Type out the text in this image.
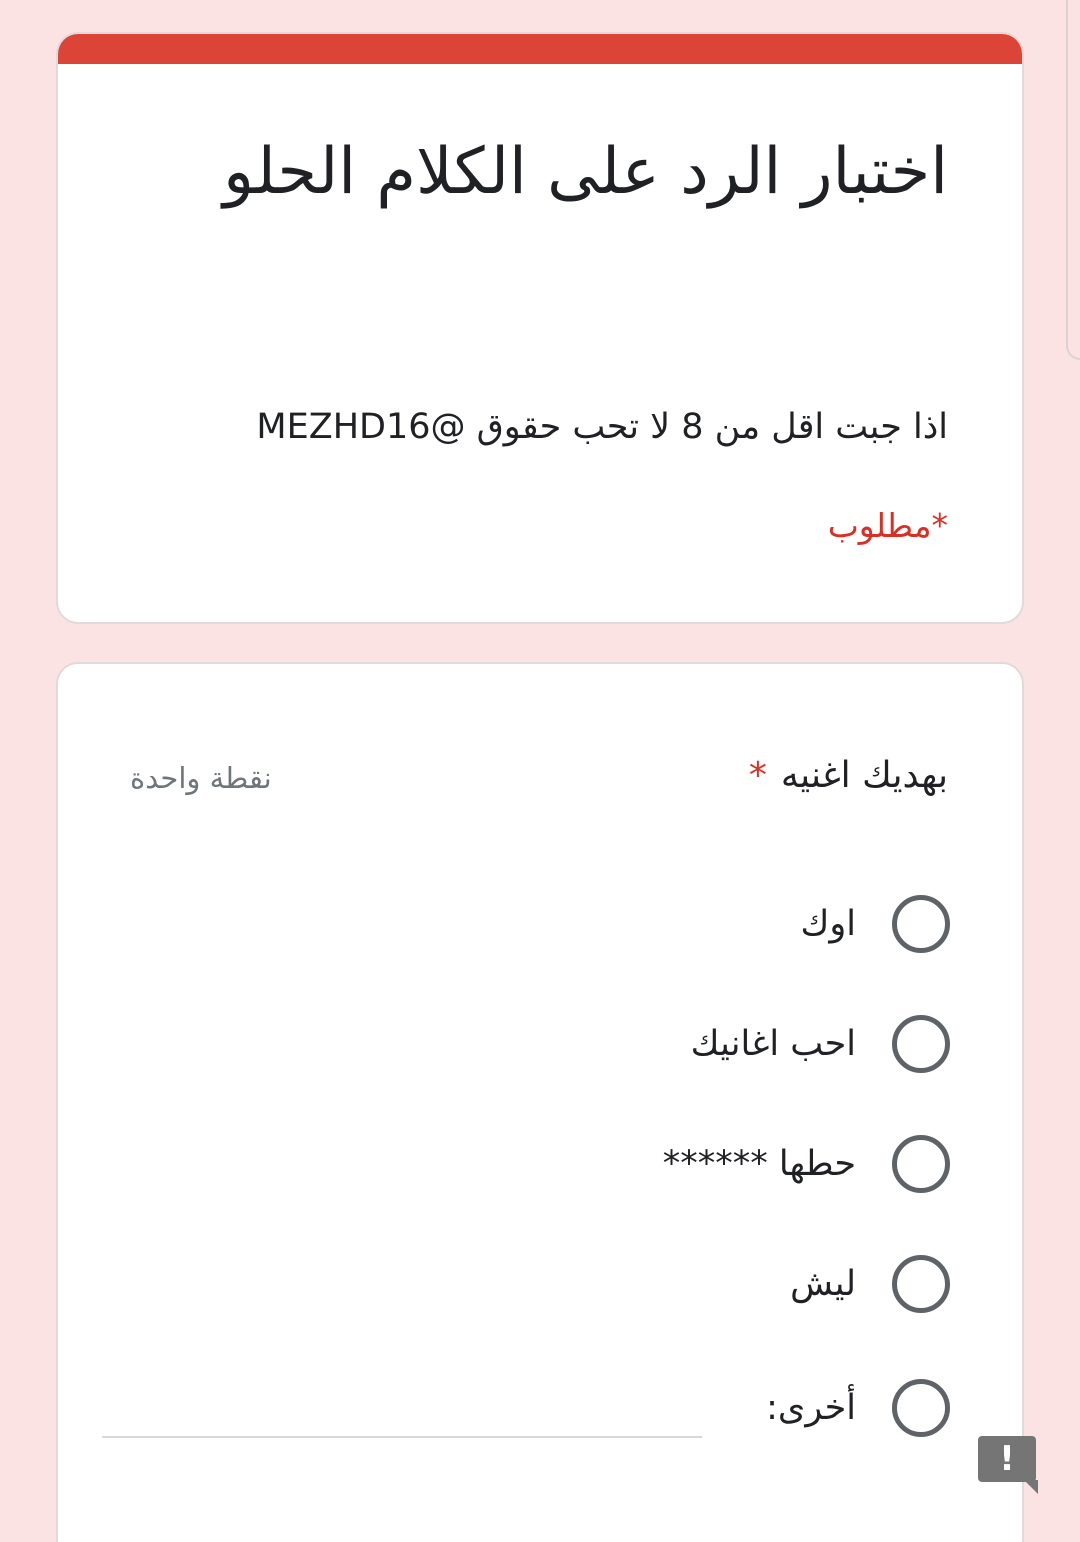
اختبار الرد على الكلام الحلو
اذا جبت اقل من 8 لا تحب حقوق @MEZHD16
*مطلوب
بهديك اغنيه*
نقطة واحدة
اوك
احب اغانيك
حطها ******
ليش
أخرى:
!
